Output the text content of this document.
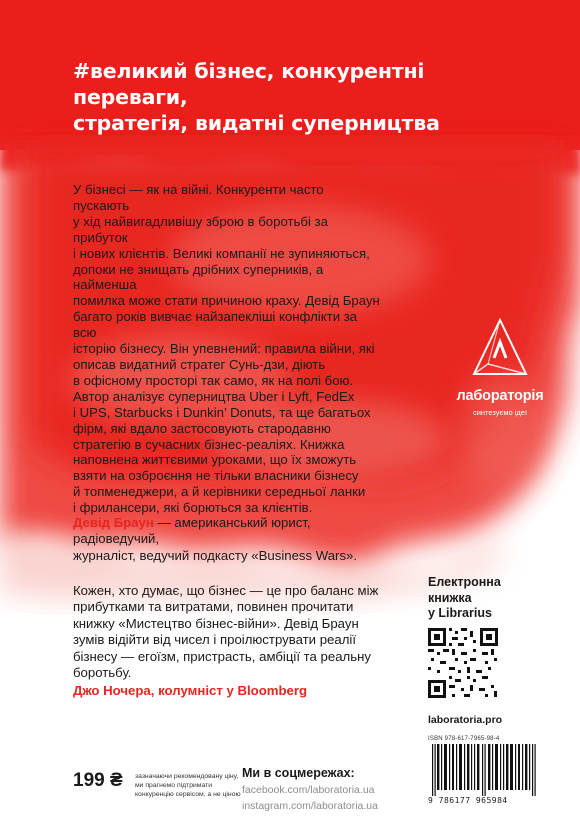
#великий бізнес, конкурентні переваги,
стратегія, видатні суперництва
У бізнесі — як на війні. Конкуренти часто пускають
у хід найвигадливішу зброю в боротьбі за прибуток
і нових клієнтів. Великі компанії не зупиняються,
допоки не знищать дрібних суперників, а найменша
помилка може стати причиною краху. Девід Браун
багато років вивчає найзапекліші конфлікти за всю
історію бізнесу. Він упевнений: правила війни, які
описав видатний стратег Сунь-дзи, діють
в офісному просторі так само, як на полі бою.
Автор аналізує суперництва Uber і Lyft, FedEx
і UPS, Starbucks і Dunkin’ Donuts, та ще багатьох
фірм, які вдало застосовують стародавню
стратегію в сучасних бізнес-реаліях. Книжка
наповнена життєвими уроками, що їх зможуть
взяти на озброєння не тільки власники бізнесу
й топменеджери, а й керівники середньої ланки
і фрилансери, які борються за клієнтів.
лабораторія
синтезуємо ідеї
Девід Браун — американський юрист, радіоведучий,
журналіст, ведучий подкасту «Business Wars».
Кожен, хто думає, що бізнес — це про баланс між
прибутками та витратами, повинен прочитати
книжку «Мистецтво бізнес-війни». Девід Браун
зумів відійти від чисел і проілюструвати реалії
бізнесу — егоїзм, пристрасть, амбіції та реальну
боротьбу.
Джо Ночера, колумніст у Bloomberg
Електронна
книжка
у Librarius
laboratoria.pro
ISBN 978-617-7965-98-4
9 786177 965984
199 ₴ зазначаючи рекомендовану ціну,
ми прагнемо підтримати
конкуренцію сервісом, а не ціною
Ми в соцмережах:
facebook.com/laboratoria.ua
instagram.com/laboratoria.ua
